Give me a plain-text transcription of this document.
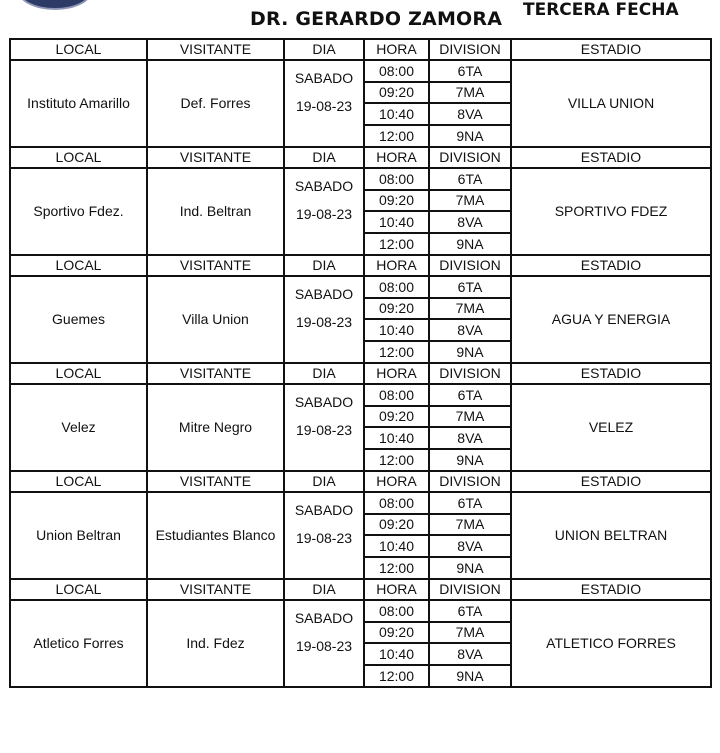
DR. GERARDO ZAMORA TERCERA FECHA
LOCAL	VISITANTE	DIA	HORA	DIVISION	ESTADIO
Instituto Amarillo	Def. Forres	SABADO
19-08-23	08:00	6TA	VILLA UNION
			09:20	7MA	
			10:40	8VA	
			12:00	9NA	
LOCAL	VISITANTE	DIA	HORA	DIVISION	ESTADIO
Sportivo Fdez.	Ind. Beltran	SABADO
19-08-23	08:00	6TA	SPORTIVO FDEZ
			09:20	7MA	
			10:40	8VA	
			12:00	9NA	
LOCAL	VISITANTE	DIA	HORA	DIVISION	ESTADIO
Guemes	Villa Union	SABADO
19-08-23	08:00	6TA	AGUA Y ENERGIA
			09:20	7MA	
			10:40	8VA	
			12:00	9NA	
LOCAL	VISITANTE	DIA	HORA	DIVISION	ESTADIO
Velez	Mitre Negro	SABADO
19-08-23	08:00	6TA	VELEZ
			09:20	7MA	
			10:40	8VA	
			12:00	9NA	
LOCAL	VISITANTE	DIA	HORA	DIVISION	ESTADIO
Union Beltran	Estudiantes Blanco	SABADO
19-08-23	08:00	6TA	UNION BELTRAN
			09:20	7MA	
			10:40	8VA	
			12:00	9NA	
LOCAL	VISITANTE	DIA	HORA	DIVISION	ESTADIO
Atletico Forres	Ind. Fdez	SABADO
19-08-23	08:00	6TA	ATLETICO FORRES
			09:20	7MA	
			10:40	8VA	
			12:00	9NA	
